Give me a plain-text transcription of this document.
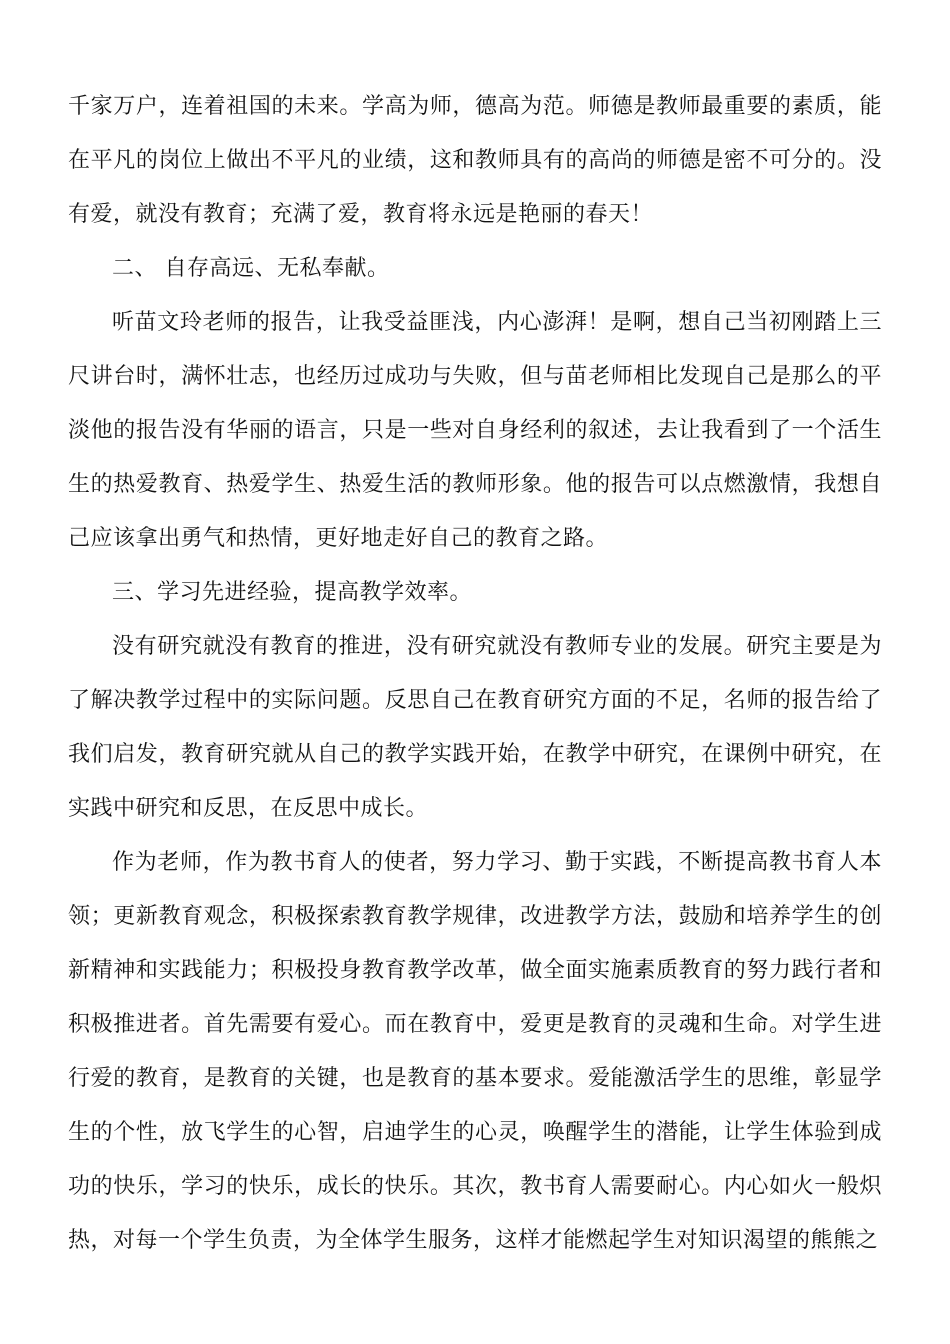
千家万户，连着祖国的未来。学高为师，德高为范。师德是教师最重要的素质，能在平凡的岗位上做出不平凡的业绩，这和教师具有的高尚的师德是密不可分的。没有爱，就没有教育；充满了爱，教育将永远是艳丽的春天！

二、 自存高远、无私奉献。

听苗文玲老师的报告，让我受益匪浅，内心澎湃！是啊，想自己当初刚踏上三尺讲台时，满怀壮志，也经历过成功与失败，但与苗老师相比发现自己是那么的平淡他的报告没有华丽的语言，只是一些对自身经利的叙述，去让我看到了一个活生生的热爱教育、热爱学生、热爱生活的教师形象。他的报告可以点燃激情，我想自己应该拿出勇气和热情，更好地走好自己的教育之路。

三、学习先进经验，提高教学效率。

没有研究就没有教育的推进，没有研究就没有教师专业的发展。研究主要是为了解决教学过程中的实际问题。反思自己在教育研究方面的不足，名师的报告给了我们启发，教育研究就从自己的教学实践开始，在教学中研究，在课例中研究，在实践中研究和反思，在反思中成长。

作为老师，作为教书育人的使者，努力学习、勤于实践，不断提高教书育人本领；更新教育观念，积极探索教育教学规律，改进教学方法，鼓励和培养学生的创新精神和实践能力；积极投身教育教学改革，做全面实施素质教育的努力践行者和积极推进者。首先需要有爱心。而在教育中，爱更是教育的灵魂和生命。对学生进行爱的教育，是教育的关键，也是教育的基本要求。爱能激活学生的思维，彰显学生的个性，放飞学生的心智，启迪学生的心灵，唤醒学生的潜能，让学生体验到成功的快乐，学习的快乐，成长的快乐。其次，教书育人需要耐心。内心如火一般炽热，对每一个学生负责，为全体学生服务，这样才能燃起学生对知识渴望的熊熊之
